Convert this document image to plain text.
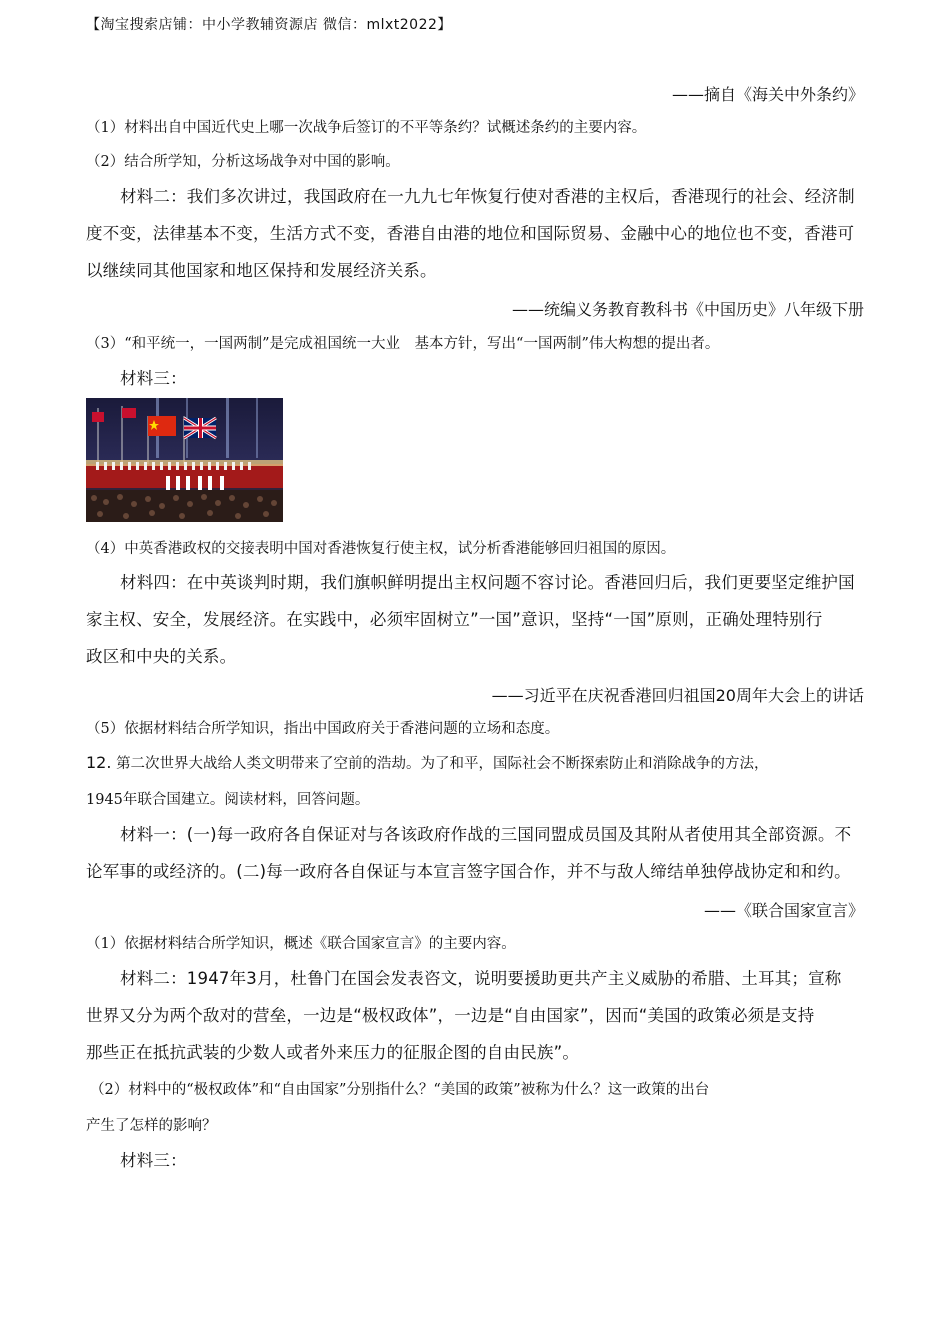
【淘宝搜索店铺：中小学教辅资源店 微信：mlxt2022】
——摘自《海关中外条约》
（1）材料出自中国近代史上哪一次战争后签订的不平等条约？试概述条约的主要内容。
（2）结合所学知，分析这场战争对中国的影响。
材料二：我们多次讲过，我国政府在一九九七年恢复行使对香港的主权后，香港现行的社会、经济制
度不变，法律基本不变，生活方式不变，香港自由港的地位和国际贸易、金融中心的地位也不变，香港可
以继续同其他国家和地区保持和发展经济关系。
——统编义务教育教科书《中国历史》八年级下册
（3）“和平统一，一国两制”是完成祖国统一大业　基本方针，写出“一国两制”伟大构想的提出者。
材料三：
（4）中英香港政权的交接表明中国对香港恢复行使主权，试分析香港能够回归祖国的原因。
材料四：在中英谈判时期，我们旗帜鲜明提出主权问题不容讨论。香港回归后，我们更要坚定维护国
家主权、安全，发展经济。在实践中，必须牢固树立”一国”意识，坚持“一国”原则，正确处理特别行
政区和中央的关系。
——习近平在庆祝香港回归祖国20周年大会上的讲话
（5）依据材料结合所学知识，指出中国政府关于香港问题的立场和态度。
12. 第二次世界大战给人类文明带来了空前的浩劫。为了和平，国际社会不断探索防止和消除战争的方法，
1945年联合国建立。阅读材料，回答问题。
材料一：(一)每一政府各自保证对与各该政府作战的三国同盟成员国及其附从者使用其全部资源。不
论军事的或经济的。(二)每一政府各自保证与本宣言签字国合作，并不与敌人缔结单独停战协定和和约。
——《联合国家宣言》
（1）依据材料结合所学知识，概述《联合国家宣言》的主要内容。
材料二：1947年3月，杜鲁门在国会发表咨文，说明要援助更共产主义威胁的希腊、土耳其；宣称
世界又分为两个敌对的营垒，一边是“极权政体”，一边是“自由国家”，因而“美国的政策必须是支持
那些正在抵抗武装的少数人或者外来压力的征服企图的自由民族”。
（2）材料中的“极权政体”和“自由国家”分别指什么？“美国的政策”被称为什么？这一政策的出台
产生了怎样的影响？
材料三：
